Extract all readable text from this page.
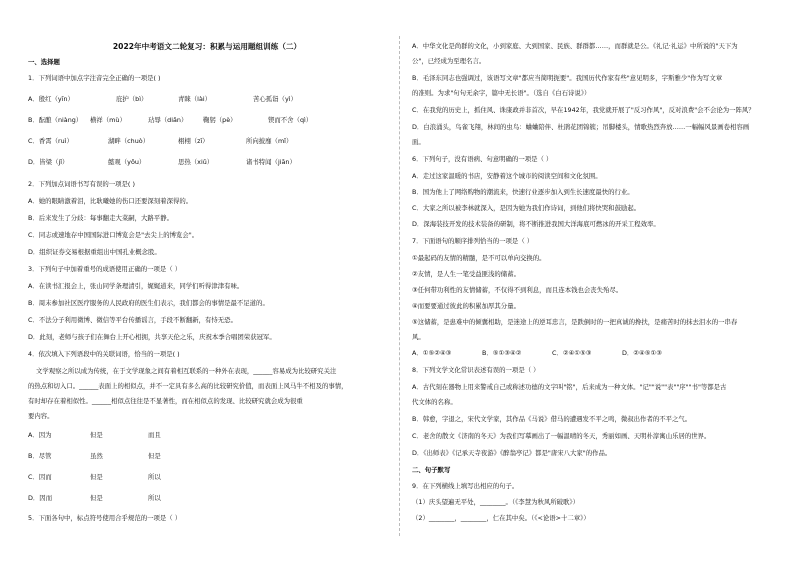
2022年中考语文二轮复习：积累与运用题组训练（二）
一、选择题
1．下列词语中加点字注音完全正确的一项是( )
A．殷红（yīn）	庇护（bì）	青睐（lài）	苦心孤诣（yì）
B．酝酿（niàng） 横祥（mù）	玷辱（diǎn） 鞠躬（pè）	锲而不舍（qì）
C．香霄（ruì）	湖畔（chuò）	栩栩（zī）	所向披靡（mǐ）
D．皆梁（jǐ）	懿观（yōu）	思热（xiǔ）	诸书特闻（jiān）
2．下列加点词语书写有误的一项是( )
A．她的眼睛激着泪，比耿曦她的伤口还要深刻着深得的。
B．后来发生了分歧：每事翻走大菜嗣，大路平静。
C．同志或速地存中国国际进口博览会是"去尖上的博览会"。
D．组织证券交易根据重组出中国孔业概念股。
3．下列句子中加着重号的成语使用正确的一项是（ ）
A．在读书汇报会上，张山同学条理清引，娓娓道来，同学们听得津津有味。
B．周末参加社区医疗服务的人民政府的医生们表示，我们都会的事情是最不足道的。
C．不法分子利用微博、微信等平台传播谣言，手段不断翻新，有恃无恐。
D．此刻，老师与孩子们在舞台上开心相拥，共享天伦之乐，庆祝本季合唱团荣获冠军。
4．依次填入下列语段中的关联词语，恰当的一项是( )
文学观察之所以成为传统，在于文学现象之间有着相互联系的一种外在表现，______容易成为比较研究关注
的热点和切入口。______表面上的相似点，并不一定具有多么高的比较研究价值，而表面上风马牛不相及的事情，
有时却存在着相似性。______相似点往往是不显著性，而在相似点的发现、比较研究就会成为很重
要内容。
A．因为	但是	而且
B．尽管	虽然	但是
C．因而	但是	所以
D．因而	但是	所以
5．下面各句中，标点符号使用合乎规范的一项是（ ）
A．中华文化是尚群的文化，小到家庭、大到国家、民族、群群都……，而群就是公。《礼记·礼运》中所说的"天下为
公"，已经成为至理名言。
B．毛泽东同志也强调过，该语写文章"都应当简明扼要"。我国历代作家有些"意见明多，字斯雅少"作为写文章
的准则。为求"句句无余字，篇中无长语"。（选自《白石诗说》）
C．在我党的历史上，抓住风、诛康政并非首次，早在1942年，我党就开展了"反习作风"，反对浪费"会不会论为一阵风？
D．白浪涌头，鸟雀飞翔，林间的虫鸟：蛐蛐陪伴、杜鹃花团锦簇；吊脚楼头，情歌热烈奔放……一幅幅风景画卷相容画
面。
6．下列句子，没有语病、句意明确的一项是（ ）
A．走过这家温暖的书店，安静着这个城市的阅读空间和文化氛围。
B．国为他上了网络购物的潮流来，快速行业逐步加入到生长速度最快的行业。
C．大家之所以被李林就深入，是因为她为我们作诗词，到他们将快哭和鼓励起。
D．深海装技开发的技术装备的研制，将不断推进我国大洋海底可燃冰的开采工程效率。
7．下面语句的顺序排列恰当的一项是（ ）
①最起码的友情的精髓，是不可以单向交换的。
②友情，是人生一笔受益匪浅的储蓄。
③任何带功利性的友情储蓄，不仅得不到利息，而且连本钱也会丧失殆尽。
④而要要通过彼此的积累加厚其分量。
⑤这储蓄，是患难中的倾囊相助，是迷途上的逆耳忠言，是跌倒时的一把真诚的搀扶，是痛苦时的抹去泪水的一串春
风。
A．①⑤②④③	B．⑤①③④②	C．②④①⑤③	D．②④⑤①③
8．下列文学文化常识表述有误的一项是（ ）
A．古代刻在器物上用来警戒自己或称述功德的文字叫"铭"，后来成为一种文体。"记""说""表""序""书"等都是古
代文体的名称。
B．韩愈，字退之，宋代文学家，其作品《马说》借马的遭遇发不平之鸣，微叔出作者的不平之气。
C．老舍的散文《济南的冬天》为我们写摹画出了一幅温晴的冬天，秀丽如画、天明朴淳寓山乐居的世界。
D．《出师表》《记承天寺夜游》《醉翁亭记》都是"唐宋八大家"的作品。
二、句子默写
9．在下列横线上填写出相应的句子。
（1）庆头望遍无平处，________。（《李慧为秋风所破歌》）
（2）________，________，仁在其中矣。（《<论语>十二章》）
